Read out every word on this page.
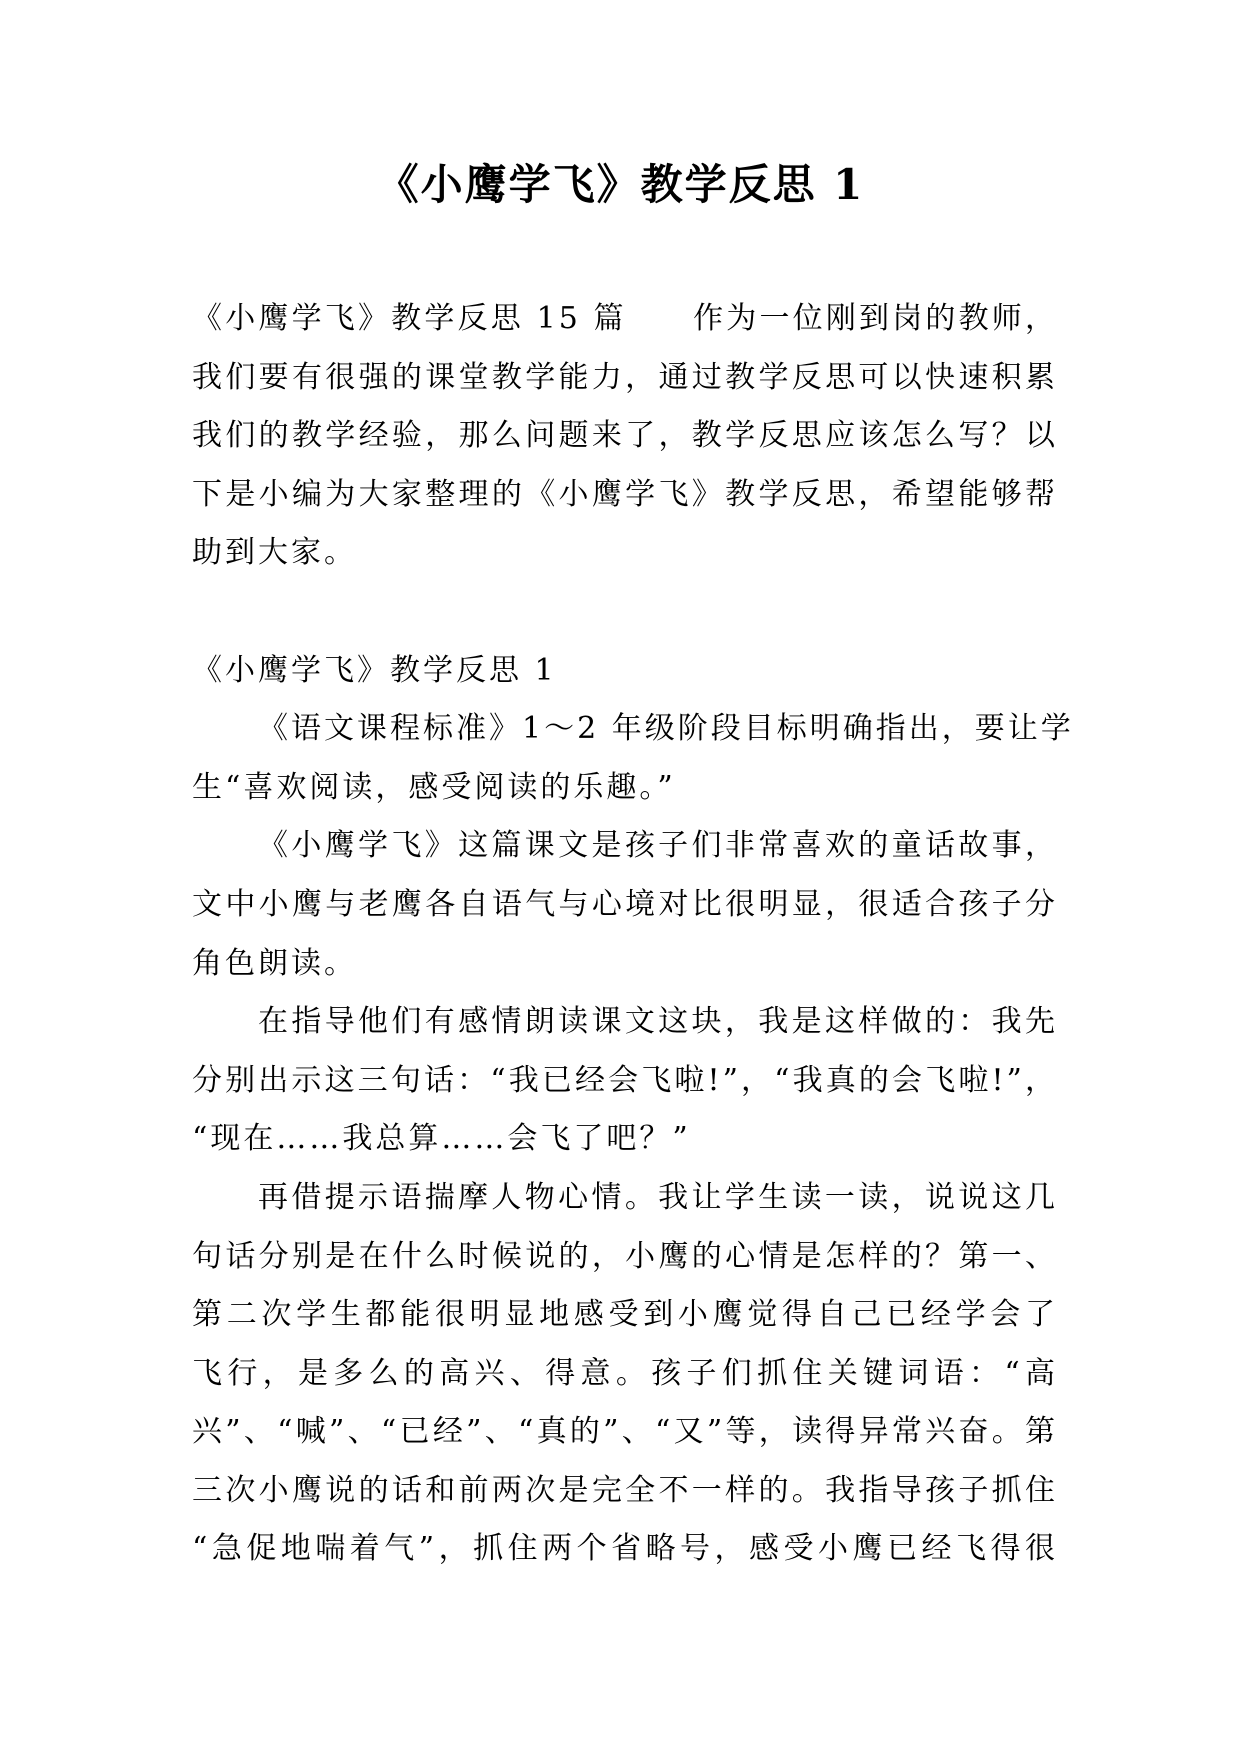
《小鹰学飞》教学反思 1
《小鹰学飞》教学反思 15 篇　　作为一位刚到岗的教师，
我们要有很强的课堂教学能力，通过教学反思可以快速积累
我们的教学经验，那么问题来了，教学反思应该怎么写？以
下是小编为大家整理的《小鹰学飞》教学反思，希望能够帮
助到大家。
《小鹰学飞》教学反思 1
《语文课程标准》1～2 年级阶段目标明确指出，要让学
生“喜欢阅读，感受阅读的乐趣。”
《小鹰学飞》这篇课文是孩子们非常喜欢的童话故事，
文中小鹰与老鹰各自语气与心境对比很明显，很适合孩子分
角色朗读。
在指导他们有感情朗读课文这块，我是这样做的：我先
分别出示这三句话：“我已经会飞啦!”，“我真的会飞啦!”，
“现在……我总算……会飞了吧？”
再借提示语揣摩人物心情。我让学生读一读，说说这几
句话分别是在什么时候说的，小鹰的心情是怎样的？第一、
第二次学生都能很明显地感受到小鹰觉得自己已经学会了
飞行，是多么的高兴、得意。孩子们抓住关键词语：“高
兴”、“喊”、“已经”、“真的”、“又”等，读得异常兴奋。第
三次小鹰说的话和前两次是完全不一样的。我指导孩子抓住
“急促地喘着气”，抓住两个省略号，感受小鹰已经飞得很
